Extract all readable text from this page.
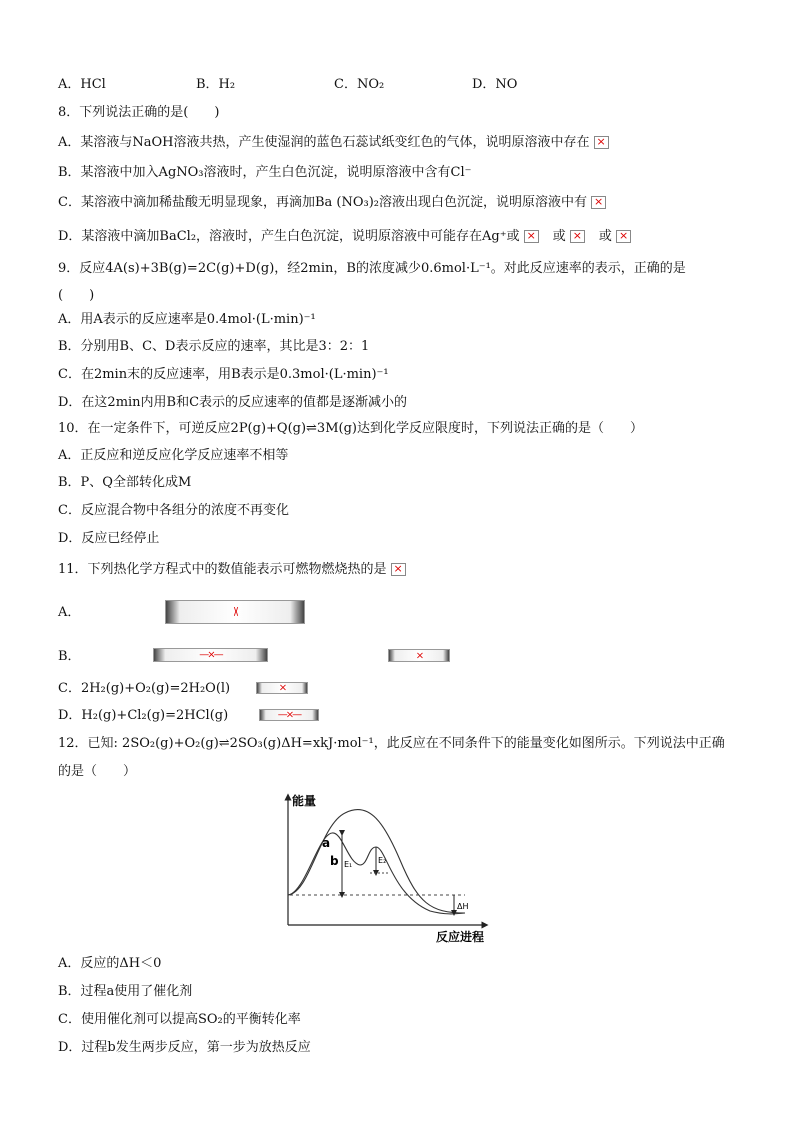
A．HCl	B．H₂	C．NO₂	D．NO
8．下列说法正确的是(　　)
A．某溶液与NaOH溶液共热，产生使湿润的蓝色石蕊试纸变红色的气体，说明原溶液中存在×
B．某溶液中加入AgNO₃溶液时，产生白色沉淀，说明原溶液中含有Cl⁻
C．某溶液中滴加稀盐酸无明显现象，再滴加Ba (NO₃)₂溶液出现白色沉淀，说明原溶液中有×
D．某溶液中滴加BaCl₂，溶液时，产生白色沉淀，说明原溶液中可能存在Ag⁺或 ×	或 ×	或×
9．反应4A(s)+3B(g)=2C(g)+D(g)，经2min，B的浓度减少0.6mol·L⁻¹。对此反应速率的表示，正确的是
(　　)
A．用A表示的反应速率是0.4mol·(L·min)⁻¹
B．分别用B、C、D表示反应的速率，其比是3：2：1
C．在2min末的反应速率，用B表示是0.3mol·(L·min)⁻¹
D．在这2min内用B和C表示的反应速率的值都是逐渐减小的
10．在一定条件下，可逆反应2P(g)+Q(g)⇌3M(g)达到化学反应限度时，下列说法正确的是（　　）
A．正反应和逆反应化学反应速率不相等
B．P、Q全部转化成M
C．反应混合物中各组分的浓度不再变化
D．反应已经停止
11．下列热化学方程式中的数值能表示可燃物燃烧热的是×
A．	⟩⟨
B．	—×—	×
C．2H₂(g)+O₂(g)=2H₂O(l)	×
D．H₂(g)+Cl₂(g)=2HCl(g)	—×—
12．已知: 2SO₂(g)+O₂(g)⇌2SO₃(g)ΔH=xkJ·mol⁻¹，此反应在不同条件下的能量变化如图所示。下列说法中正确
的是（　　）
能量
反应进程
a
b E₁	E₂
ΔH
A．反应的ΔH＜0
B．过程a使用了催化剂
C．使用催化剂可以提高SO₂的平衡转化率
D．过程b发生两步反应，第一步为放热反应
